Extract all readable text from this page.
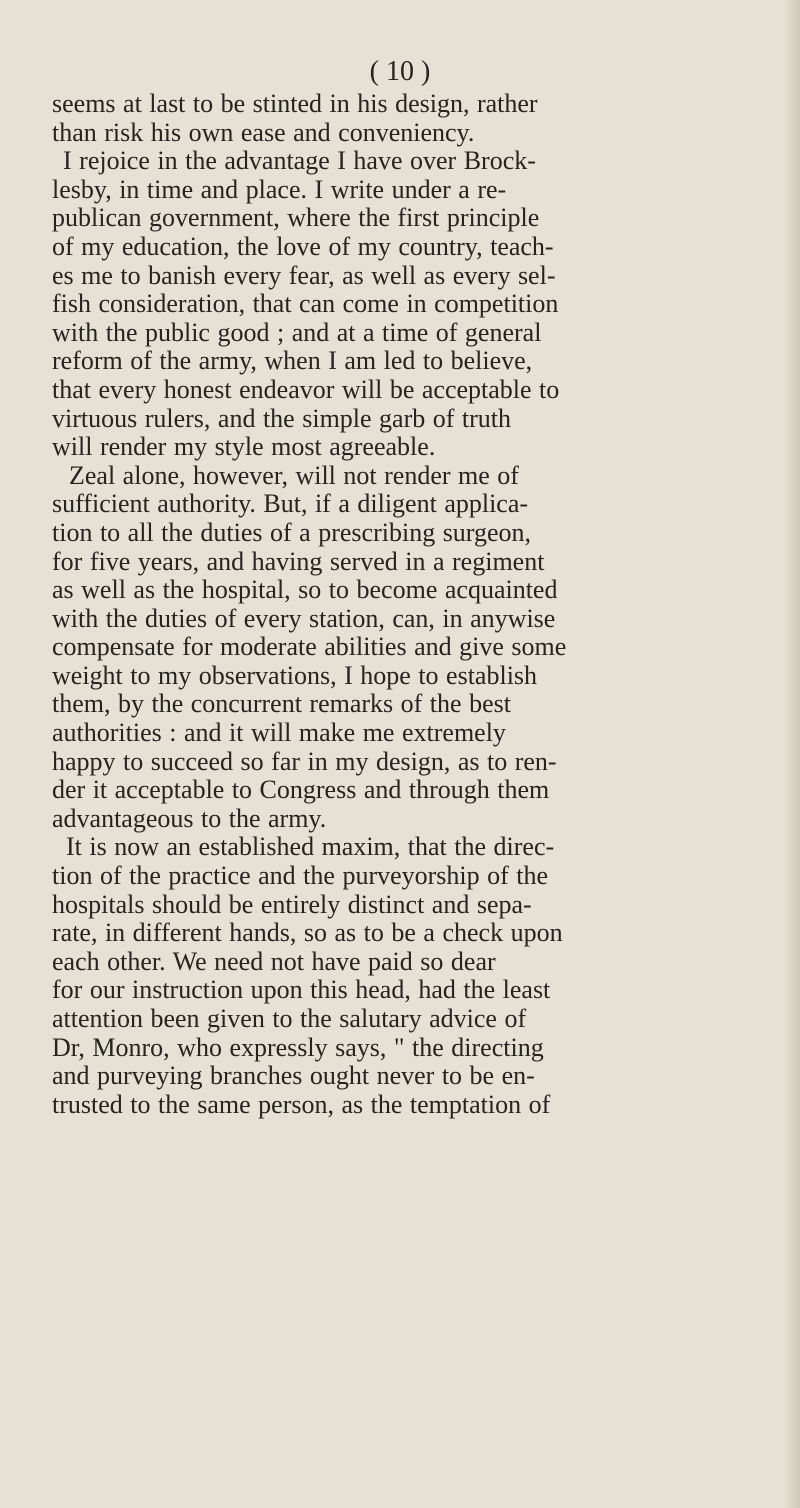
( 10 )
seems at last to be stinted in his design, rather
than risk his own ease and conveniency.
I rejoice in the advantage I have over Brock-
lesby, in time and place. I write under a re-
publican government, where the first principle
of my education, the love of my country, teach-
es me to banish every fear, as well as every sel-
fish consideration, that can come in competition
with the public good ; and at a time of general
reform of the army, when I am led to believe,
that every honest endeavor will be acceptable to
virtuous rulers, and the simple garb of truth
will render my style most agreeable.
Zeal alone, however, will not render me of
sufficient authority. But, if a diligent applica-
tion to all the duties of a prescribing surgeon,
for five years, and having served in a regiment
as well as the hospital, so to become acquainted
with the duties of every station, can, in anywise
compensate for moderate abilities and give some
weight to my observations, I hope to establish
them, by the concurrent remarks of the best
authorities : and it will make me extremely
happy to succeed so far in my design, as to ren-
der it acceptable to Congress and through them
advantageous to the army.
It is now an established maxim, that the direc-
tion of the practice and the purveyorship of the
hospitals should be entirely distinct and sepa-
rate, in different hands, so as to be a check upon
each other. We need not have paid so dear
for our instruction upon this head, had the least
attention been given to the salutary advice of
Dr, Monro, who expressly says, " the directing
and purveying branches ought never to be en-
trusted to the same person, as the temptation of
